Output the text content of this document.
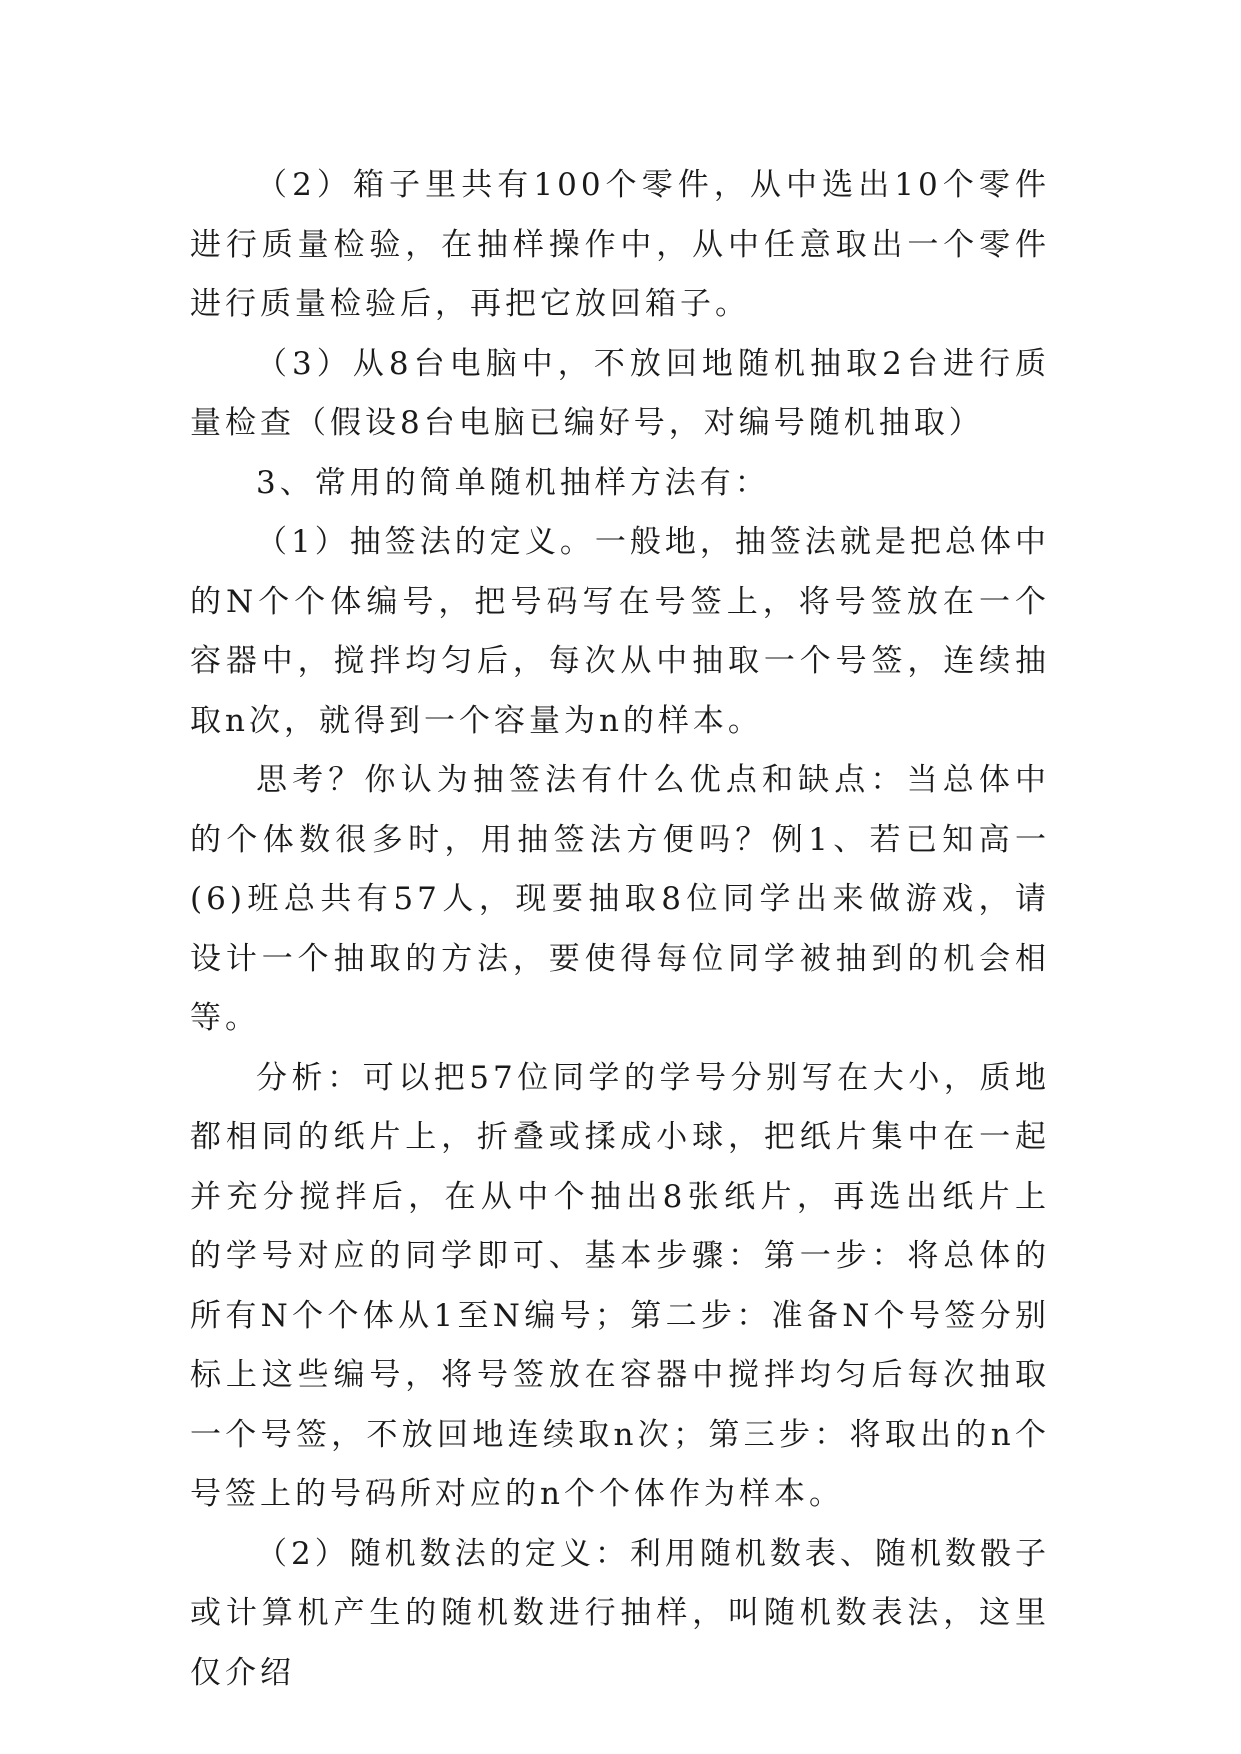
（2）箱子里共有100个零件，从中选出10个零件进行质量检验，在抽样操作中，从中任意取出一个零件进行质量检验后，再把它放回箱子。

（3）从8台电脑中，不放回地随机抽取2台进行质量检查（假设8台电脑已编好号，对编号随机抽取）

3、常用的简单随机抽样方法有：

（1）抽签法的定义。一般地，抽签法就是把总体中的N个个体编号，把号码写在号签上，将号签放在一个容器中，搅拌均匀后，每次从中抽取一个号签，连续抽取n次，就得到一个容量为n的样本。

思考？你认为抽签法有什么优点和缺点：当总体中的个体数很多时，用抽签法方便吗？例1、若已知高一(6)班总共有57人，现要抽取8位同学出来做游戏，请设计一个抽取的方法，要使得每位同学被抽到的机会相等。

分析：可以把57位同学的学号分别写在大小，质地都相同的纸片上，折叠或揉成小球，把纸片集中在一起并充分搅拌后，在从中个抽出8张纸片，再选出纸片上的学号对应的同学即可、基本步骤：第一步：将总体的所有N个个体从1至N编号；第二步：准备N个号签分别标上这些编号，将号签放在容器中搅拌均匀后每次抽取一个号签，不放回地连续取n次；第三步：将取出的n个号签上的号码所对应的n个个体作为样本。

（2）随机数法的定义：利用随机数表、随机数骰子或计算机产生的随机数进行抽样，叫随机数表法，这里仅介绍
